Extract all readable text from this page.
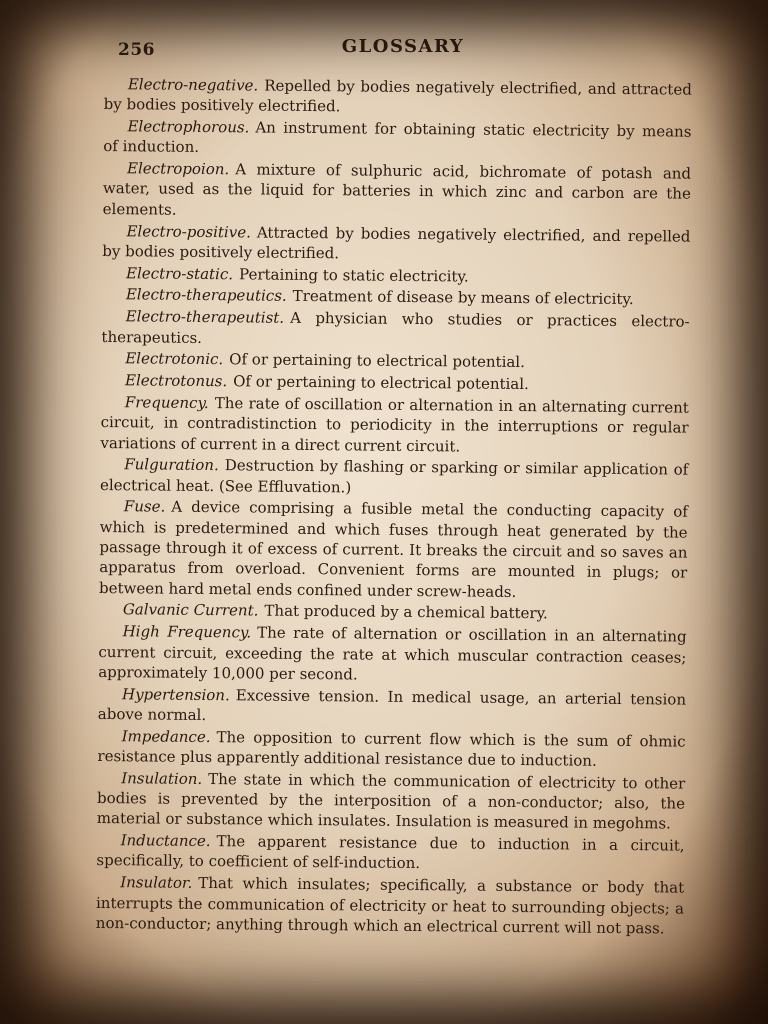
256	GLOSSARY

Electro-negative. Repelled by bodies negatively electrified, and attracted by bodies positively electrified.

Electrophorous. An instrument for obtaining static electricity by means of induction.

Electropoion. A mixture of sulphuric acid, bichromate of potash and water, used as the liquid for batteries in which zinc and carbon are the elements.

Electro-positive. Attracted by bodies negatively electrified, and repelled by bodies positively electrified.

Electro-static. Pertaining to static electricity.

Electro-therapeutics. Treatment of disease by means of electricity.

Electro-therapeutist. A physician who studies or practices electro-therapeutics.

Electrotonic. Of or pertaining to electrical potential.

Electrotonus. Of or pertaining to electrical potential.

Frequency. The rate of oscillation or alternation in an alternating current circuit, in contradistinction to periodicity in the interruptions or regular variations of current in a direct current circuit.

Fulguration. Destruction by flashing or sparking or similar application of electrical heat. (See Effluvation.)

Fuse. A device comprising a fusible metal the conducting capacity of which is predetermined and which fuses through heat generated by the passage through it of excess of current. It breaks the circuit and so saves an apparatus from overload. Convenient forms are mounted in plugs; or between hard metal ends confined under screw-heads.

Galvanic Current. That produced by a chemical battery.

High Frequency. The rate of alternation or oscillation in an alternating current circuit, exceeding the rate at which muscular contraction ceases; approximately 10,000 per second.

Hypertension. Excessive tension. In medical usage, an arterial tension above normal.

Impedance. The opposition to current flow which is the sum of ohmic resistance plus apparently additional resistance due to induction.

Insulation. The state in which the communication of electricity to other bodies is prevented by the interposition of a non-conductor; also, the material or substance which insulates. Insulation is measured in megohms.

Inductance. The apparent resistance due to induction in a circuit, specifically, to coefficient of self-induction.

Insulator. That which insulates; specifically, a substance or body that interrupts the communication of electricity or heat to surrounding objects; a non-conductor; anything through which an electrical current will not pass.
